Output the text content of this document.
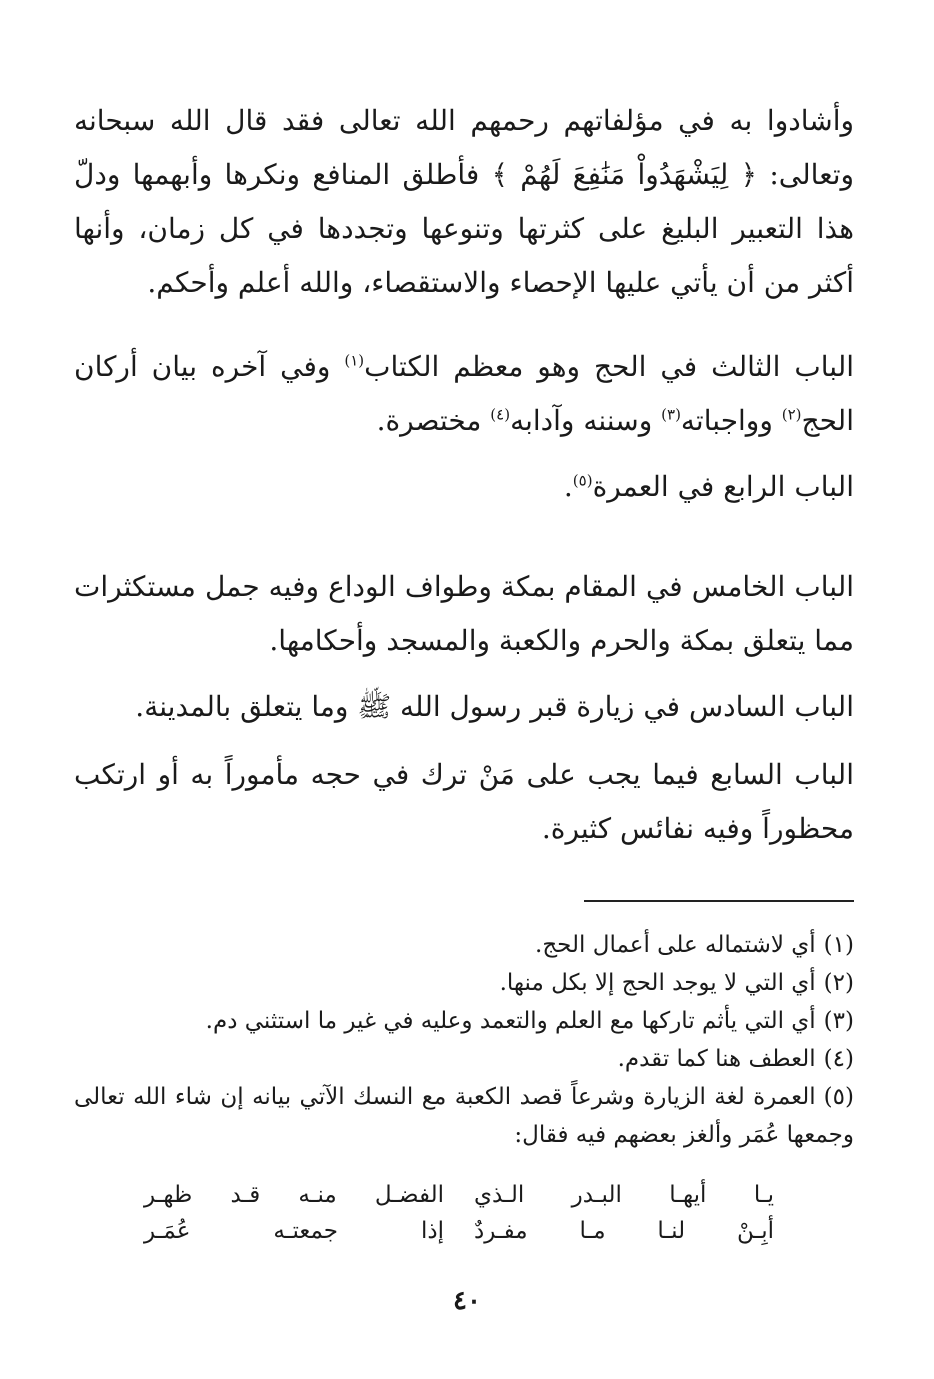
وأشادوا به في مؤلفاتهم رحمهم الله تعالى فقد قال الله سبحانه وتعالى: ﴿ لِيَشْهَدُواْ مَنَٰفِعَ لَهُمْ ﴾ فأطلق المنافع ونكرها وأبهمها ودلّ هذا التعبير البليغ على كثرتها وتنوعها وتجددها في كل زمان، وأنها أكثر من أن يأتي عليها الإحصاء والاستقصاء، والله أعلم وأحكم.

الباب الثالث في الحج وهو معظم الكتاب$^{(١)}$ وفي آخره بيان أركان الحج$^{(٢)}$ وواجباته$^{(٣)}$ وسننه وآدابه$^{(٤)}$ مختصرة.

الباب الرابع في العمرة$^{(٥)}$.

الباب الخامس في المقام بمكة وطواف الوداع وفيه جمل مستكثرات مما يتعلق بمكة والحرم والكعبة والمسجد وأحكامها.

الباب السادس في زيارة قبر رسول الله ﷺ وما يتعلق بالمدينة.

الباب السابع فيما يجب على مَنْ ترك في حجه مأموراً به أو ارتكب محظوراً وفيه نفائس كثيرة.

(١)أي لاشتماله على أعمال الحج.

(٢)أي التي لا يوجد الحج إلا بكل منها.

(٣)أي التي يأثم تاركها مع العلم والتعمد وعليه في غير ما استثني دم.

(٤)العطف هنا كما تقدم.

(٥)العمرة لغة الزيارة وشرعاً قصد الكعبة مع النسك الآتي بيانه إن شاء الله تعالى وجمعها عُمَر وألغز بعضهم فيه فقال:

يـا أيهـا البـدر الـذي
الفضـل منـه قـد ظهـر
أبِـنْ لنـا مـا مفـردٌ
إذا جمعتـه عُمَـر
٤٠
